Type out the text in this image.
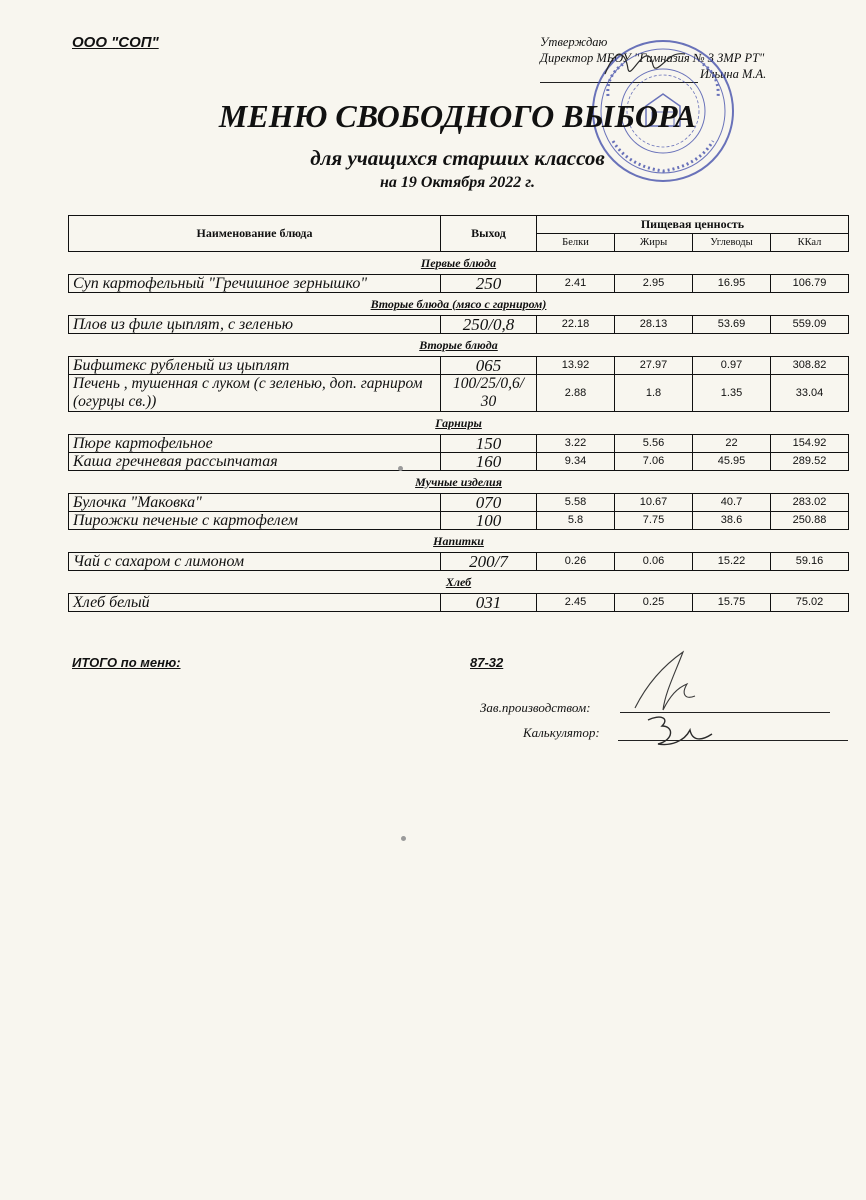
ООО "СОП"	Утверждаю
Директор МБОУ "Гимназия № 3 ЗМР РТ"
Ильина М.А.
МЕНЮ СВОБОДНОГО ВЫБОРА
для учащихся старших классов
на 19 Октября 2022 г.
Наименование блюда	Выход	Пищевая ценность			
		Белки	Жиры	Углеводы	ККал
Первые блюда					
Суп картофельный "Гречишное зернышко"	250	2.41	2.95	16.95	106.79
Вторые блюда (мясо с гарниром)					
Плов из филе цыплят, с зеленью	250/0,8	22.18	28.13	53.69	559.09
Вторые блюда					
Бифштекс рубленый из цыплят	065	13.92	27.97	0.97	308.82
Печень , тушенная с луком (с зеленью, доп. гарниром (огурцы св.))	100/25/0,6/ 30	2.88	1.8	1.35	33.04
Гарниры					
Пюре картофельное	150	3.22	5.56	22	154.92
Каша гречневая рассыпчатая	160	9.34	7.06	45.95	289.52
Мучные изделия					
Булочка "Маковка"	070	5.58	10.67	40.7	283.02
Пирожки печеные с картофелем	100	5.8	7.75	38.6	250.88
Напитки					
Чай с сахаром с лимоном	200/7	0.26	0.06	15.22	59.16
Хлеб					
Хлеб белый	031	2.45	0.25	15.75	75.02
ИТОГО по меню:	87-32
Зав.производством:
Калькулятор:
